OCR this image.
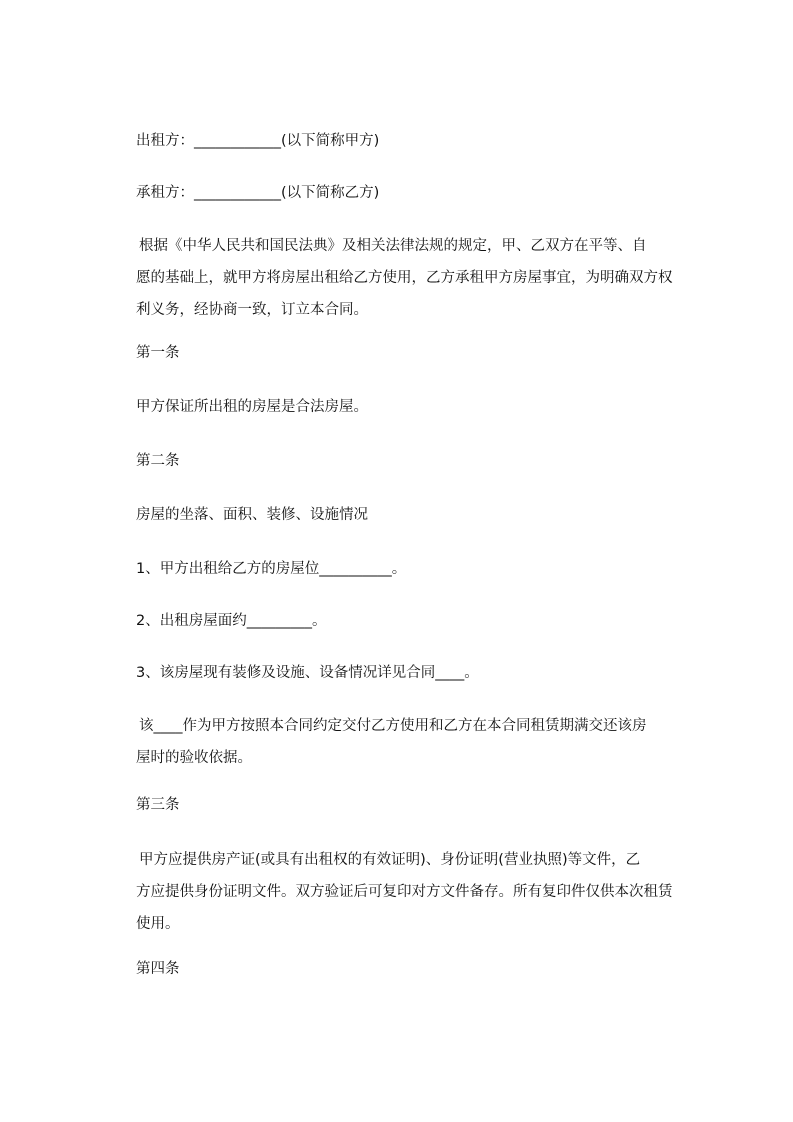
出租方：____________(以下简称甲方)
承租方：____________(以下简称乙方)
根据《中华人民共和国民法典》及相关法律法规的规定，甲、乙双方在平等、自
愿的基础上，就甲方将房屋出租给乙方使用，乙方承租甲方房屋事宜，为明确双方权
利义务，经协商一致，订立本合同。
第一条
甲方保证所出租的房屋是合法房屋。
第二条
房屋的坐落、面积、装修、设施情况
1、甲方出租给乙方的房屋位__________。
2、出租房屋面约_________。
3、该房屋现有装修及设施、设备情况详见合同____。
该____作为甲方按照本合同约定交付乙方使用和乙方在本合同租赁期满交还该房
屋时的验收依据。
第三条
甲方应提供房产证(或具有出租权的有效证明)、身份证明(营业执照)等文件，乙
方应提供身份证明文件。双方验证后可复印对方文件备存。所有复印件仅供本次租赁
使用。
第四条
